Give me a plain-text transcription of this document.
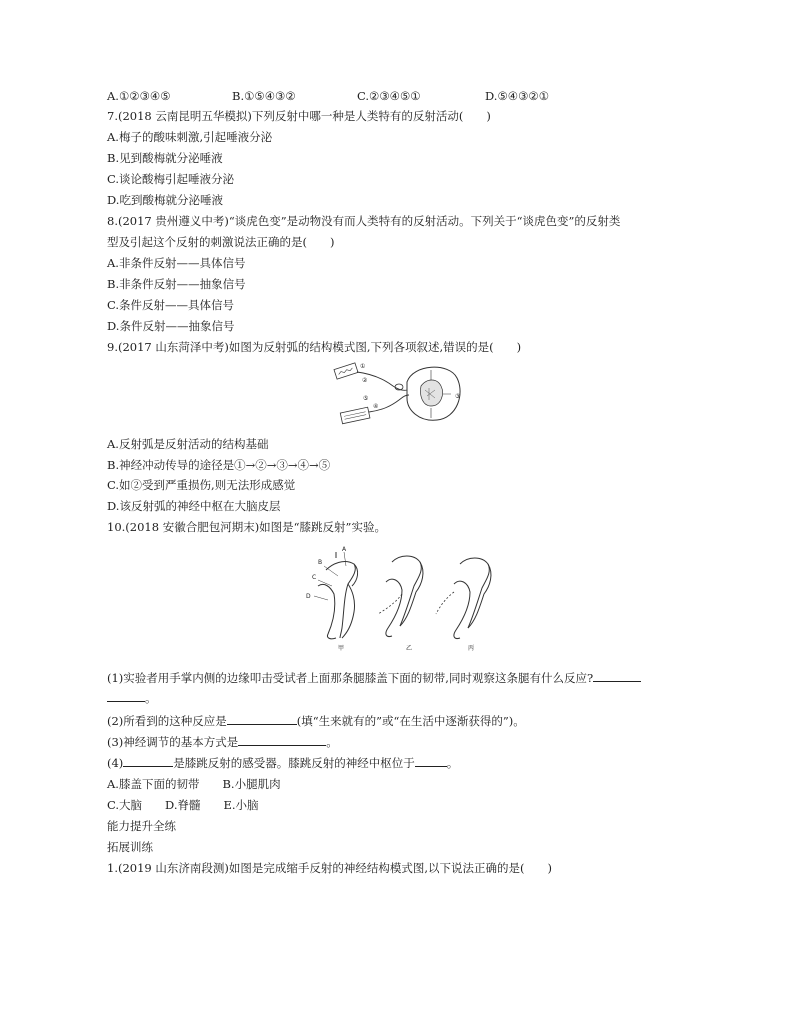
A.①②③④⑤	B.①⑤④③②	C.②③④⑤①	D.⑤④③②①
7.(2018 云南昆明五华模拟)下列反射中哪一种是人类特有的反射活动(　　)
A.梅子的酸味刺激,引起唾液分泌
B.见到酸梅就分泌唾液
C.谈论酸梅引起唾液分泌
D.吃到酸梅就分泌唾液
8.(2017 贵州遵义中考)“谈虎色变”是动物没有而人类特有的反射活动。下列关于“谈虎色变”的反射类
型及引起这个反射的刺激说法正确的是(　　)
A.非条件反射——具体信号
B.非条件反射——抽象信号
C.条件反射——具体信号
D.条件反射——抽象信号
9.(2017 山东菏泽中考)如图为反射弧的结构模式图,下列各项叙述,错误的是(　　)
①
②
③
④
⑤
A.反射弧是反射活动的结构基础
B.神经冲动传导的途径是①→②→③→④→⑤
C.如②受到严重损伤,则无法形成感觉
D.该反射弧的神经中枢在大脑皮层
10.(2018 安徽合肥包河期末)如图是“膝跳反射”实验。
A
B
C
D
甲	乙	丙
(1)实验者用手掌内侧的边缘叩击受试者上面那条腿膝盖下面的韧带,同时观察这条腿有什么反应?
。
(2)所看到的这种反应是	(填“生来就有的”或“在生活中逐渐获得的”)。
(3)神经调节的基本方式是	。
(4)	是膝跳反射的感受器。膝跳反射的神经中枢位于	。
A.膝盖下面的韧带　　B.小腿肌肉
C.大脑　　D.脊髓　　E.小脑
能力提升全练
拓展训练
1.(2019 山东济南段测)如图是完成缩手反射的神经结构模式图,以下说法正确的是(　　)
